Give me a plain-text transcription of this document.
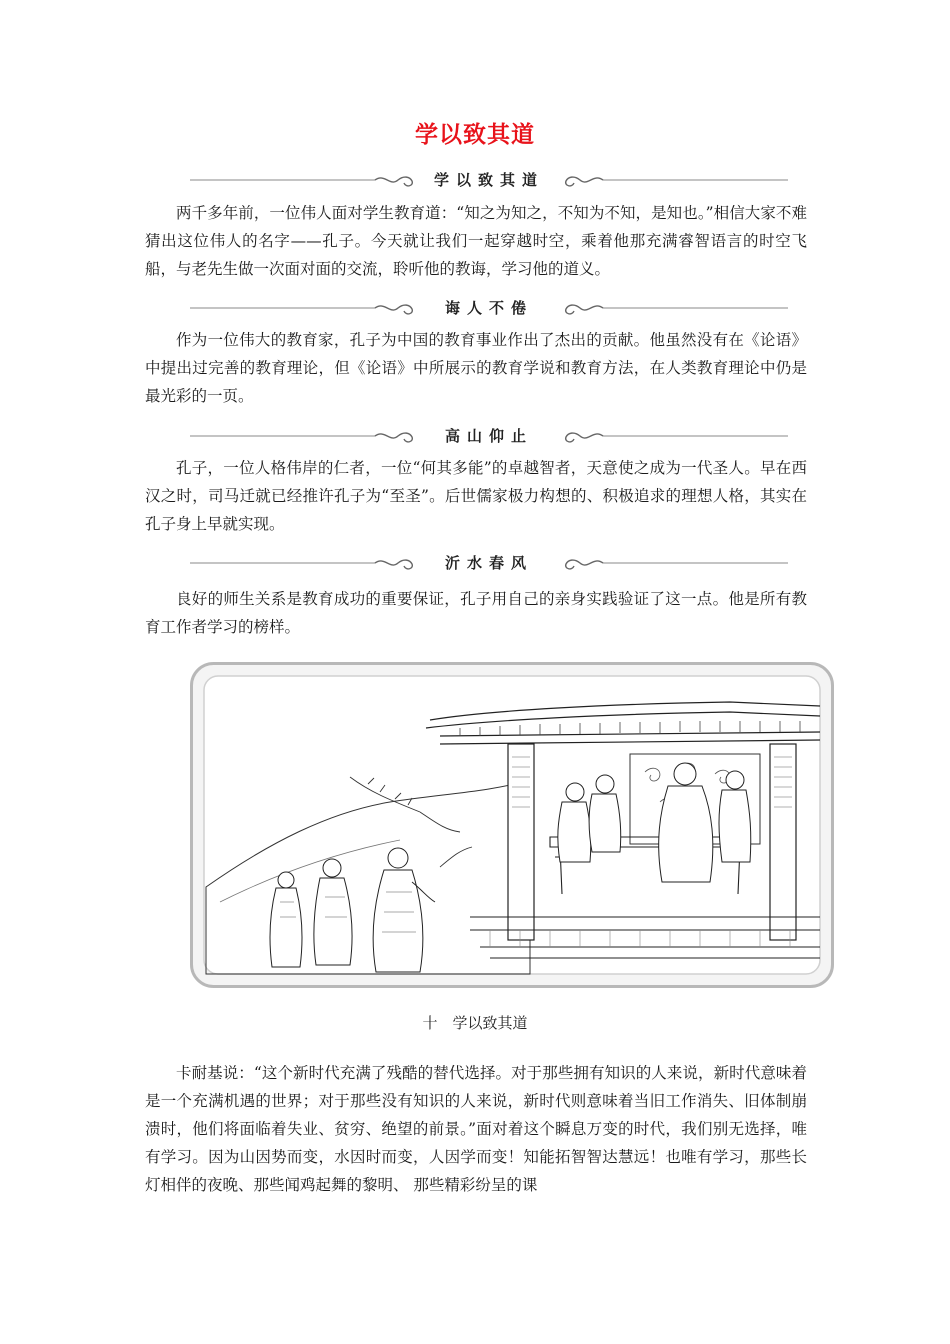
学以致其道
学以致其道

两千多年前，一位伟人面对学生教育道：“知之为知之，不知为不知，是知也。”相信大家不难猜出这位伟人的名字——孔子。今天就让我们一起穿越时空，乘着他那充满睿智语言的时空飞船，与老先生做一次面对面的交流，聆听他的教诲，学习他的道义。

诲人不倦

作为一位伟大的教育家，孔子为中国的教育事业作出了杰出的贡献。他虽然没有在《论语》中提出过完善的教育理论，但《论语》中所展示的教育学说和教育方法，在人类教育理论中仍是最光彩的一页。

高山仰止

孔子，一位人格伟岸的仁者，一位“何其多能”的卓越智者，天意使之成为一代圣人。早在西汉之时，司马迁就已经推许孔子为“至圣”。后世儒家极力构想的、积极追求的理想人格，其实在孔子身上早就实现。

沂水春风

良好的师生关系是教育成功的重要保证，孔子用自己的亲身实践验证了这一点。他是所有教育工作者学习的榜样。

十　学以致其道

卡耐基说：“这个新时代充满了残酷的替代选择。对于那些拥有知识的人来说，新时代意味着是一个充满机遇的世界；对于那些没有知识的人来说，新时代则意味着当旧工作消失、旧体制崩溃时，他们将面临着失业、贫穷、绝望的前景。”面对着这个瞬息万变的时代，我们别无选择，唯有学习。因为山因势而变，水因时而变，人因学而变！知能拓智智达慧远！也唯有学习，那些长灯相伴的夜晚、那些闻鸡起舞的黎明、 那些精彩纷呈的课
